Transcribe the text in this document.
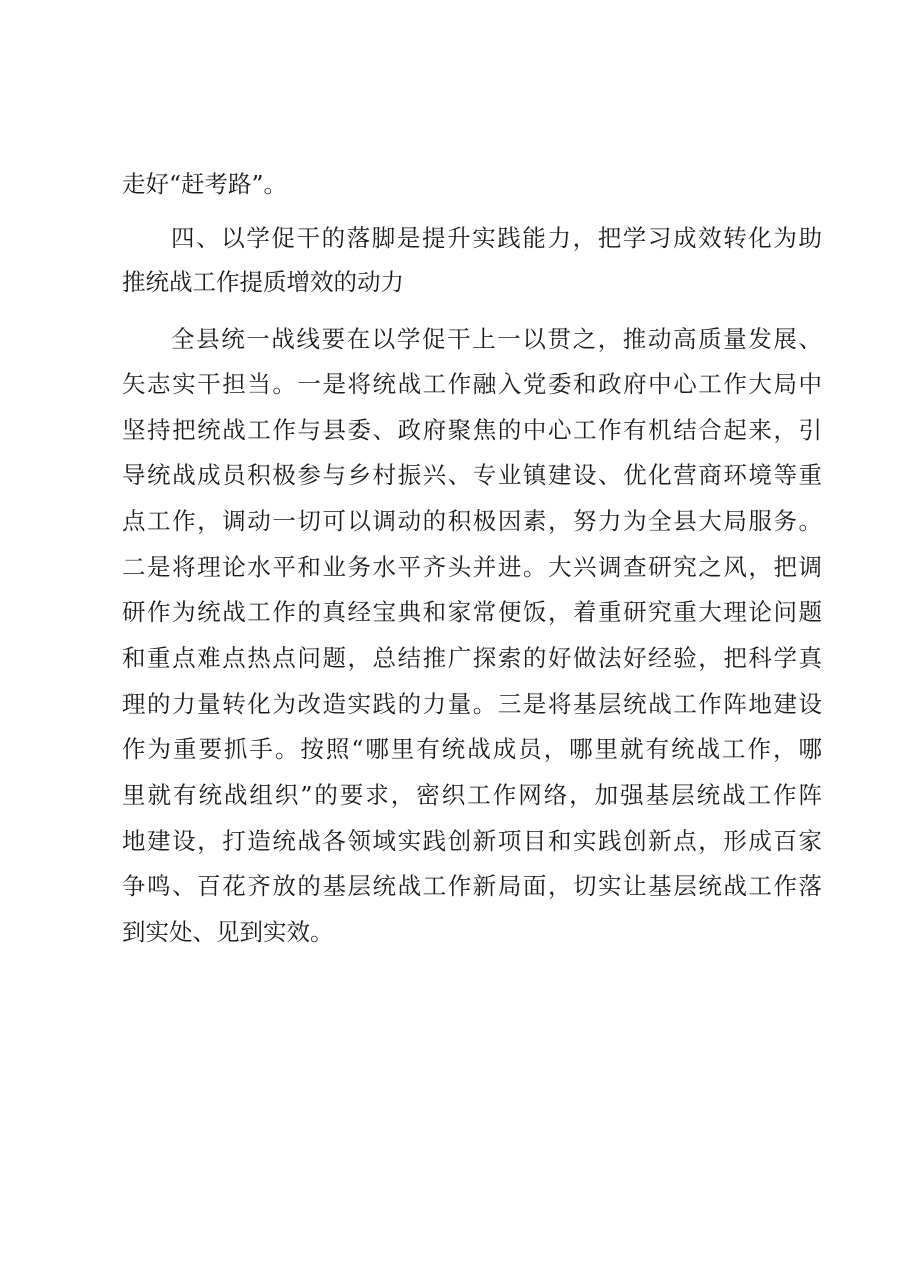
走好“赶考路”。

四、以学促干的落脚是提升实践能力，把学习成效转化为助

推统战工作提质增效的动力

全县统一战线要在以学促干上一以贯之，推动高质量发展、

矢志实干担当。一是将统战工作融入党委和政府中心工作大局中

坚持把统战工作与县委、政府聚焦的中心工作有机结合起来，引

导统战成员积极参与乡村振兴、专业镇建设、优化营商环境等重

点工作，调动一切可以调动的积极因素，努力为全县大局服务。

二是将理论水平和业务水平齐头并进。大兴调查研究之风，把调

研作为统战工作的真经宝典和家常便饭，着重研究重大理论问题

和重点难点热点问题，总结推广探索的好做法好经验，把科学真

理的力量转化为改造实践的力量。三是将基层统战工作阵地建设

作为重要抓手。按照“哪里有统战成员，哪里就有统战工作，哪

里就有统战组织”的要求，密织工作网络，加强基层统战工作阵

地建设，打造统战各领域实践创新项目和实践创新点，形成百家

争鸣、百花齐放的基层统战工作新局面，切实让基层统战工作落

到实处、见到实效。
